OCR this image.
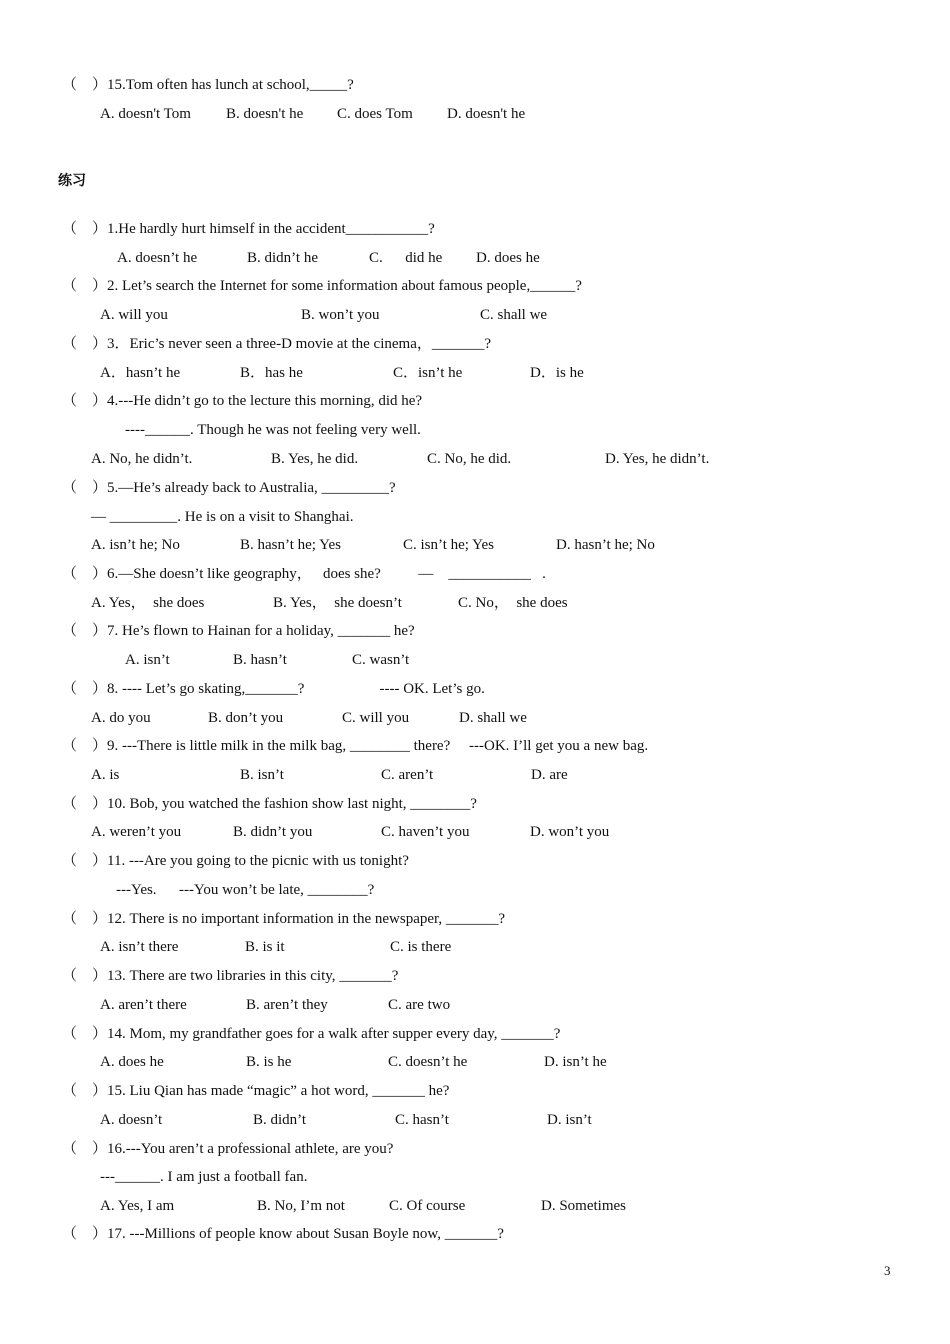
（    ）15.Tom often has lunch at school,_____?
A. doesn't Tom B. doesn't he C. does Tom D. doesn't he
练习
（    ）1.He hardly hurt himself in the accident___________?
A. doesn’t he	B. didn’t he	C.      did he D. does he
（    ）2. Let’s search the Internet for some information about famous people,______?
A. will you	B. won’t you	C. shall we
（    ）3．Eric’s never seen a three-D movie at the cinema，_______?
A．hasn’t he	B．has he	C．isn’t he	D．is he
（    ）4.---He didn’t go to the lecture this morning, did he?
----______. Though he was not feeling very well.
A. No, he didn’t.	B. Yes, he did.	C. No, he did.	D. Yes, he didn’t.
（    ）5.—He’s already back to Australia, _________?
— _________. He is on a visit to Shanghai.
A. isn’t he; No	B. hasn’t he; Yes	C. isn’t he; Yes	D. hasn’t he; No
（    ）6.—She doesn’t like geography，   does she?          —    ___________   .
A. Yes，  she does	B. Yes，  she doesn’t	C. No，  she does
（    ）7. He’s flown to Hainan for a holiday, _______ he?
A. isn’t	B. hasn’t	C. wasn’t
（    ）8. ---- Let’s go skating,_______?                    ---- OK. Let’s go.
A. do you	B. don’t you	C. will you	D. shall we
（    ）9. ---There is little milk in the milk bag, ________ there?     ---OK. I’ll get you a new bag.
A. is	B. isn’t	C. aren’t	D. are
（    ）10. Bob, you watched the fashion show last night, ________?
A. weren’t you	B. didn’t you	C. haven’t you	D. won’t you
（    ）11. ---Are you going to the picnic with us tonight?
---Yes.      ---You won’t be late, ________?
（    ）12. There is no important information in the newspaper, _______?
A. isn’t there	B. is it	C. is there
（    ）13. There are two libraries in this city, _______?
A. aren’t there	B. aren’t they	C. are two
（    ）14. Mom, my grandfather goes for a walk after supper every day, _______?
A. does he	B. is he	C. doesn’t he	D. isn’t he
（    ）15. Liu Qian has made “magic” a hot word, _______ he?
A. doesn’t	B. didn’t	C. hasn’t	D. isn’t
（    ）16.---You aren’t a professional athlete, are you?
---______. I am just a football fan.
A. Yes, I am	B. No, I’m not	C. Of course	D. Sometimes
（    ）17. ---Millions of people know about Susan Boyle now, _______?
3
